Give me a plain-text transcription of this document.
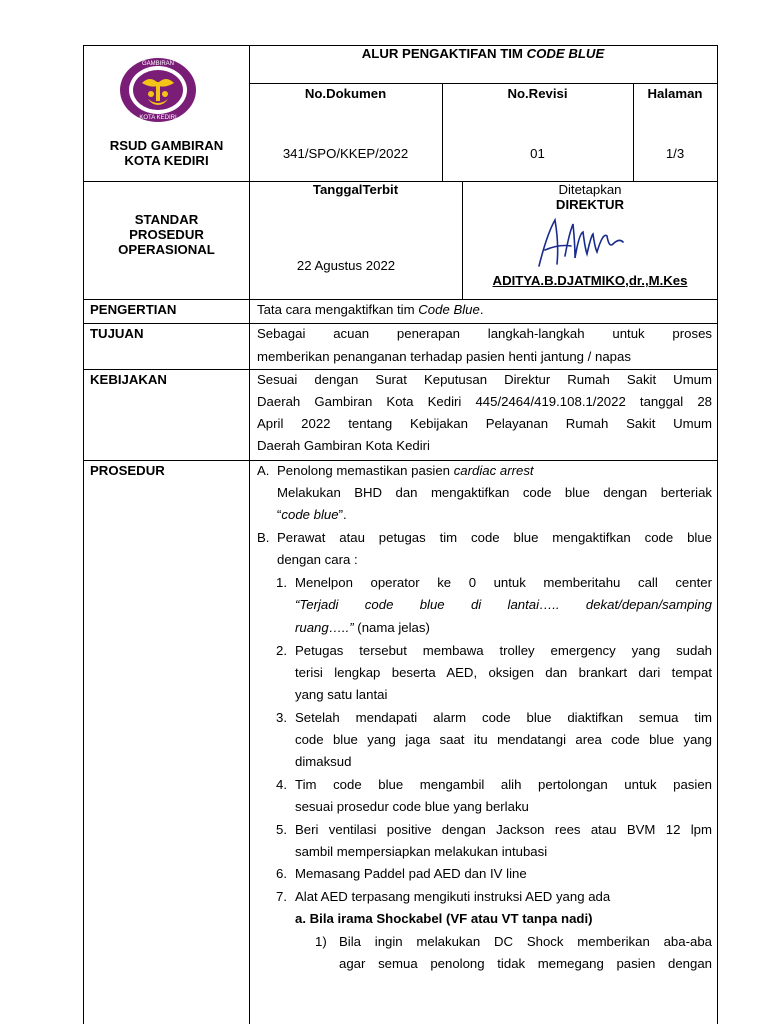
ALUR PENGAKTIFAN TIM CODE BLUE
GAMBIRAN
KOTA KEDIRI
RSUD GAMBIRAN
KOTA KEDIRI
No.Dokumen	No.Revisi	Halaman
341/SPO/KKEP/2022	01	1/3
STANDAR
PROSEDUR
OPERASIONAL
TanggalTerbit
22 Agustus 2022
Ditetapkan
DIREKTUR
ADITYA.B.DJATMIKO,dr.,M.Kes
PENGERTIAN	Tata cara mengaktifkan tim Code Blue.
TUJUAN	Sebagai acuan penerapan langkah-langkah untuk proses
memberikan penanganan terhadap pasien henti jantung / napas
KEBIJAKAN	Sesuai dengan Surat Keputusan Direktur Rumah Sakit Umum
Daerah Gambiran Kota Kediri 445/2464/419.108.1/2022 tanggal 28
April 2022 tentang Kebijakan Pelayanan Rumah Sakit Umum
Daerah Gambiran Kota Kediri
PROSEDUR	A. Penolong memastikan pasien cardiac arrest
Melakukan BHD dan mengaktifkan code blue dengan berteriak
“code blue”.
B. Perawat atau petugas tim code blue mengaktifkan code blue
dengan cara :
1. Menelpon operator ke 0 untuk memberitahu call center
“Terjadi code blue di lantai….. dekat/depan/samping
ruang…..” (nama jelas)
2. Petugas tersebut membawa trolley emergency yang sudah
terisi lengkap beserta AED, oksigen dan brankart dari tempat
yang satu lantai
3. Setelah mendapati alarm code blue diaktifkan semua tim
code blue yang jaga saat itu mendatangi area code blue yang
dimaksud
4. Tim code blue mengambil alih pertolongan untuk pasien
sesuai prosedur code blue yang berlaku
5. Beri ventilasi positive dengan Jackson rees atau BVM 12 lpm
sambil mempersiapkan melakukan intubasi
6. Memasang Paddel pad AED dan IV line
7. Alat AED terpasang mengikuti instruksi AED yang ada
a. Bila irama Shockabel (VF atau VT tanpa nadi)
1) Bila ingin melakukan DC Shock memberikan aba-aba
agar semua penolong tidak memegang pasien dengan
